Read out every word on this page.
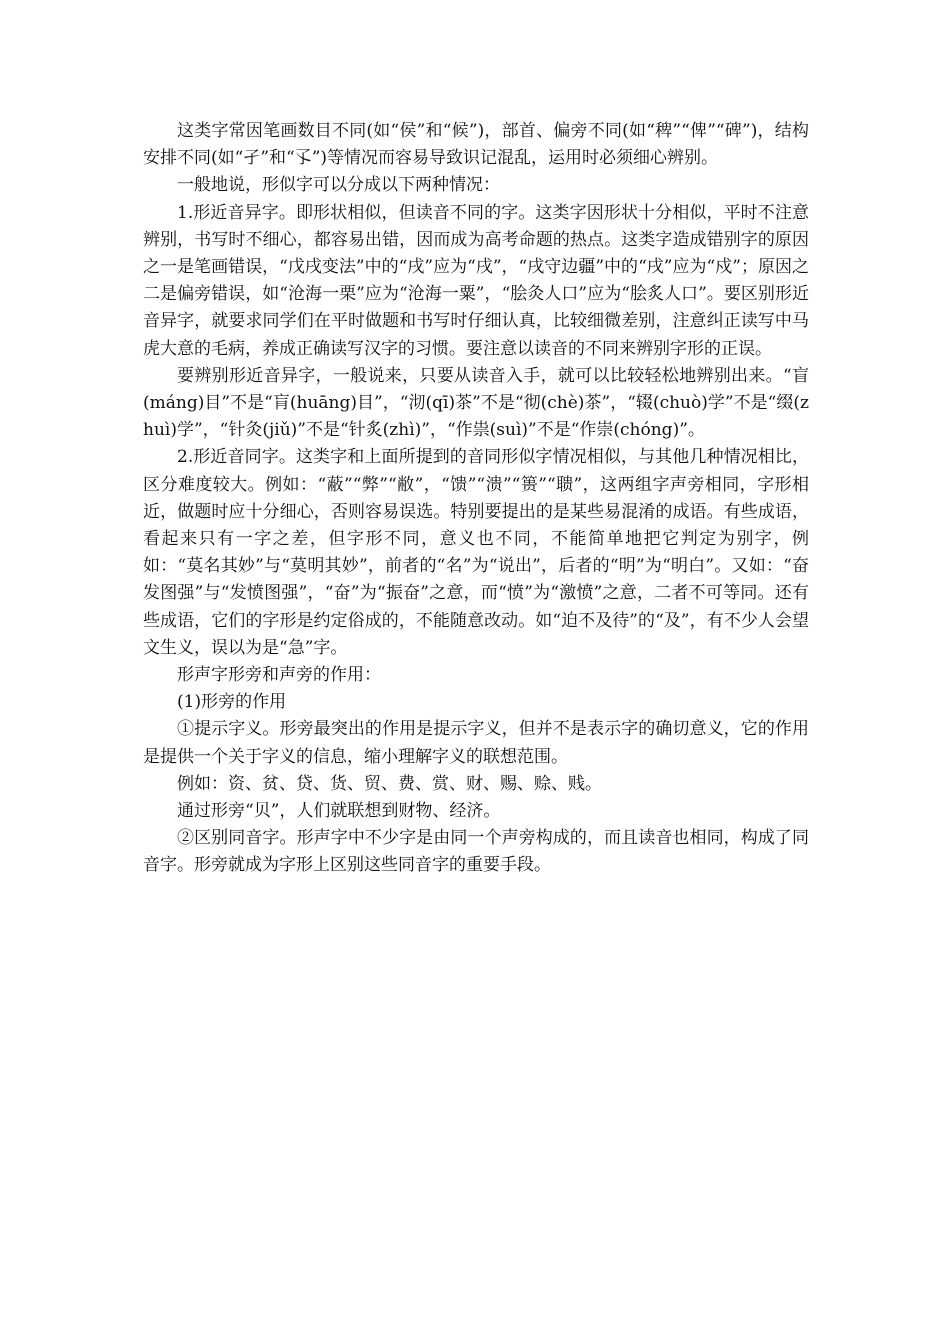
这类字常因笔画数目不同(如“侯”和“候”)，部首、偏旁不同(如“稗”“俾”“碑”)，结构安排不同(如“孑”和“孓”)等情况而容易导致识记混乱，运用时必须细心辨别。

一般地说，形似字可以分成以下两种情况：

1.形近音异字。即形状相似，但读音不同的字。这类字因形状十分相似，平时不注意辨别，书写时不细心，都容易出错，因而成为高考命题的热点。这类字造成错别字的原因之一是笔画错误，“戊戌变法”中的“戌”应为“戌”，“戌守边疆”中的“戌”应为“戍”；原因之二是偏旁错误，如“沧海一栗”应为“沧海一粟”，“脍灸人口”应为“脍炙人口”。要区别形近音异字，就要求同学们在平时做题和书写时仔细认真，比较细微差别，注意纠正读写中马虎大意的毛病，养成正确读写汉字的习惯。要注意以读音的不同来辨别字形的正误。

要辨别形近音异字，一般说来，只要从读音入手，就可以比较轻松地辨别出来。“盲(máng)目”不是“肓(huāng)目”，“沏(qī)茶”不是“彻(chè)茶”，“辍(chuò)学”不是“缀(zhuì)学”，“针灸(jiǔ)”不是“针炙(zhì)”，“作祟(suì)”不是“作崇(chóng)”。

2.形近音同字。这类字和上面所提到的音同形似字情况相似，与其他几种情况相比，区分难度较大。例如：“蔽”“弊”“敝”，“馈”“溃”“篑”“聩”，这两组字声旁相同，字形相近，做题时应十分细心，否则容易误选。特别要提出的是某些易混淆的成语。有些成语，看起来只有一字之差，但字形不同，意义也不同，不能简单地把它判定为别字，例如：“莫名其妙”与“莫明其妙”，前者的“名”为“说出”，后者的“明”为“明白”。又如：“奋发图强”与“发愤图强”，“奋”为“振奋”之意，而“愤”为“激愤”之意，二者不可等同。还有些成语，它们的字形是约定俗成的，不能随意改动。如“迫不及待”的“及”，有不少人会望文生义，误以为是“急”字。

形声字形旁和声旁的作用：

(1)形旁的作用

①提示字义。形旁最突出的作用是提示字义，但并不是表示字的确切意义，它的作用是提供一个关于字义的信息，缩小理解字义的联想范围。

例如：资、贫、贷、货、贸、费、赏、财、赐、赊、贱。

通过形旁“贝”，人们就联想到财物、经济。

②区别同音字。形声字中不少字是由同一个声旁构成的，而且读音也相同，构成了同音字。形旁就成为字形上区别这些同音字的重要手段。
